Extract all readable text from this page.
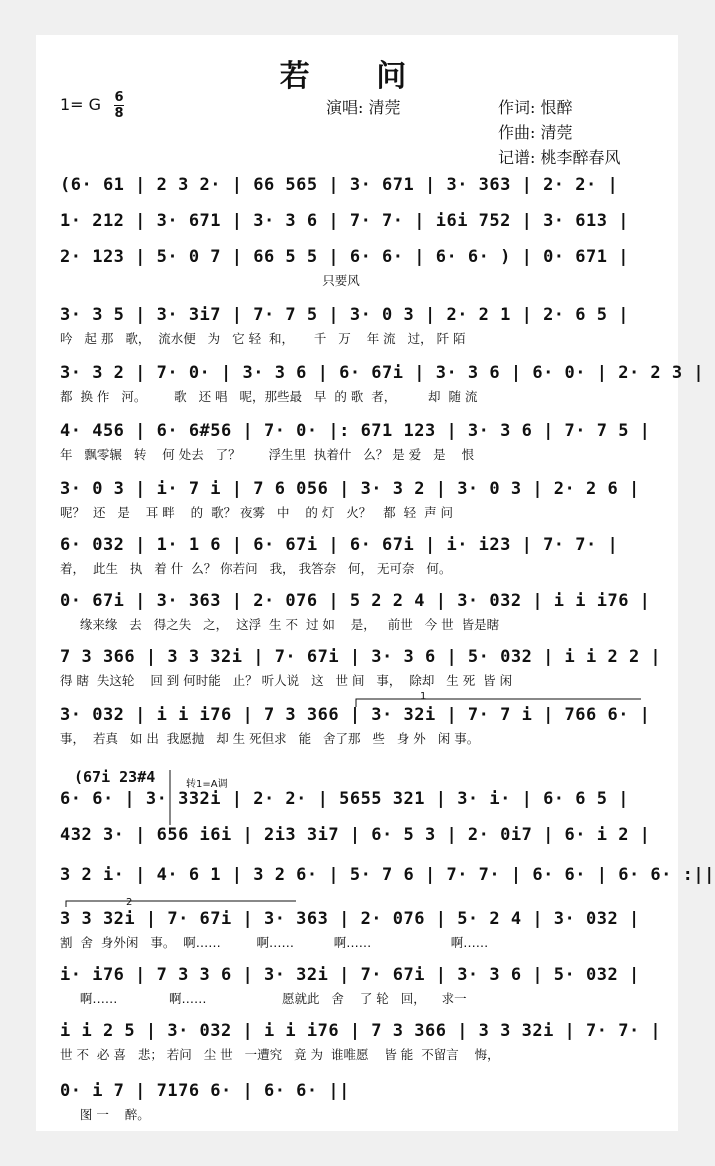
若 问
1= G 6
8	演唱: 清莞	作词: 恨醉
作曲: 清莞
记谱: 桃李醉春风
(6· 61 | 2 3 2· | 66 565 | 3· 671 | 3· 363 | 2· 2· |
1· 212 | 3· 671 | 3· 3 6 | 7· 7· | i6i 752 | 3· 613 |
2· 123 | 5· 0 7 | 66 5 5 | 6· 6· | 6· 6· ) | 0· 671 |
只要风
3· 3 5 | 3· 3i7 | 7· 7 5 | 3· 0 3 | 2· 2 1 | 2· 6 5 |
吟   起 那   歌，  流水便   为   它 轻  和，     千   万    年 流   过， 阡 陌
3· 3 2 | 7· 0· | 3· 3 6 | 6· 67i | 3· 3 6 | 6· 0· | 2· 2 3 |
都  换 作   河。       歌   还 唱   呢，那些最   早  的 歌  者，        却  随 流
4· 456 | 6· 6#56 | 7· 0· |: 671 123 | 3· 3 6 | 7· 7 5 |
年   飘零辗   转    何 处去   了？       浮生里  执着什   么？ 是 爱   是    恨
3· 0 3 | i· 7 i | 7 6 056 | 3· 3 2 | 3· 0 3 | 2· 2 6 |
呢？  还   是    耳 畔    的  歌？ 夜雾   中    的 灯   火？   都  轻  声 问
6· 032 | 1· 1 6 | 6· 67i | 6· 67i | i· i23 | 7· 7· |
着，  此生   执   着 什  么？ 你若问   我， 我答奈   何， 无可奈   何。
0· 67i | 3· 363 | 2· 076 | 5 2 2 4 | 3· 032 | i i i76 |
缘来缘   去   得之失   之，  这浮  生 不  过 如    是，   前世   今 世  皆是瞎
7 3 366 | 3 3 32i | 7· 67i | 3· 3 6 | 5· 032 | i i 2 2 |
得 瞎  失这轮    回 到 何时能   止？ 听人说   这   世 间   事，  除却   生 死  皆 闲
3· 032 | i i i76 | 7 3 366 | 3· 32i | 7· 7 i | 766 6· |
事，  若真   如 出  我愿抛   却 生 死但求   能   舍了那   些   身 外   闲 事。
6· 6· | 3· 332i | 2· 2· | 5655 321 | 3· i· | 6· 6 5 |
432 3· | 656 i6i | 2i3 3i7 | 6· 5 3 | 2· 0i7 | 6· i 2 |
3 2 i· | 4· 6 1 | 3 2 6· | 5· 7 6 | 7· 7· | 6· 6· | 6· 6· :||
3 3 32i | 7· 67i | 3· 363 | 2· 076 | 5· 2 4 | 3· 032 |
割  舍  身外闲   事。  啊……         啊……          啊……                    啊……
i· i76 | 7 3 3 6 | 3· 32i | 7· 67i | 3· 3 6 | 5· 032 |
啊……             啊……                   愿就此   舍    了 轮   回，    求一
i i 2 5 | 3· 032 | i i i76 | 7 3 366 | 3 3 32i | 7· 7· |
世 不  必 喜   悲； 若问   尘 世   一遭究   竟 为  谁唯愿    皆 能  不留言    悔，
0· i 7 | 7176 6· | 6· 6· ||
图 一    醉。
(67i 23#4	转1=A调
1
2
